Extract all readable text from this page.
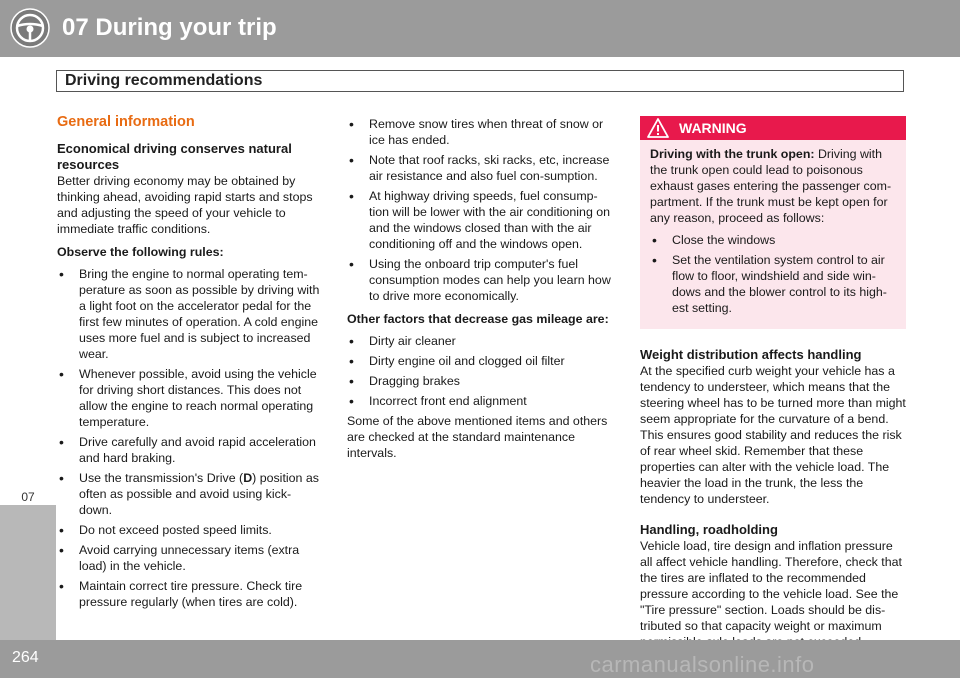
07 During your trip
07
Driving recommendations
General information
Economical driving conserves natural resources

Better driving economy may be obtained by thinking ahead, avoiding rapid starts and stops and adjusting the speed of your vehicle to immediate traffic conditions.

Observe the following rules:

• Bring the engine to normal operating tem-perature as soon as possible by driving with a light foot on the accelerator pedal for the first few minutes of operation. A cold engine uses more fuel and is subject to increased wear.
• Whenever possible, avoid using the vehicle for driving short distances. This does not allow the engine to reach normal operating temperature.
• Drive carefully and avoid rapid acceleration and hard braking.
• Use the transmission's Drive (D) position as often as possible and avoid using kick-down.
• Do not exceed posted speed limits.
• Avoid carrying unnecessary items (extra load) in the vehicle.
• Maintain correct tire pressure. Check tire pressure regularly (when tires are cold).
• Remove snow tires when threat of snow or ice has ended.
• Note that roof racks, ski racks, etc, increase air resistance and also fuel con-sumption.
• At highway driving speeds, fuel consump-tion will be lower with the air conditioning on and the windows closed than with the air conditioning off and the windows open.
• Using the onboard trip computer's fuel consumption modes can help you learn how to drive more economically.

Other factors that decrease gas mileage are:

• Dirty air cleaner
• Dirty engine oil and clogged oil filter
• Dragging brakes
• Incorrect front end alignment

Some of the above mentioned items and others are checked at the standard maintenance intervals.

WARNING

Driving with the trunk open: Driving with the trunk open could lead to poisonous exhaust gases entering the passenger com-partment. If the trunk must be kept open for any reason, proceed as follows:

• Close the windows
• Set the ventilation system control to air flow to floor, windshield and side win-dows and the blower control to its high-est setting.
Weight distribution affects handling

At the specified curb weight your vehicle has a tendency to understeer, which means that the steering wheel has to be turned more than might seem appropriate for the curvature of a bend. This ensures good stability and reduces the risk of rear wheel skid. Remember that these properties can alter with the vehicle load. The heavier the load in the trunk, the less the tendency to understeer.

Handling, roadholding

Vehicle load, tire design and inflation pressure all affect vehicle handling. Therefore, check that the tires are inflated to the recommended pressure according to the vehicle load. See the "Tire pressure" section. Loads should be dis-tributed so that capacity weight or maximum

264	carmanualsonline.info
